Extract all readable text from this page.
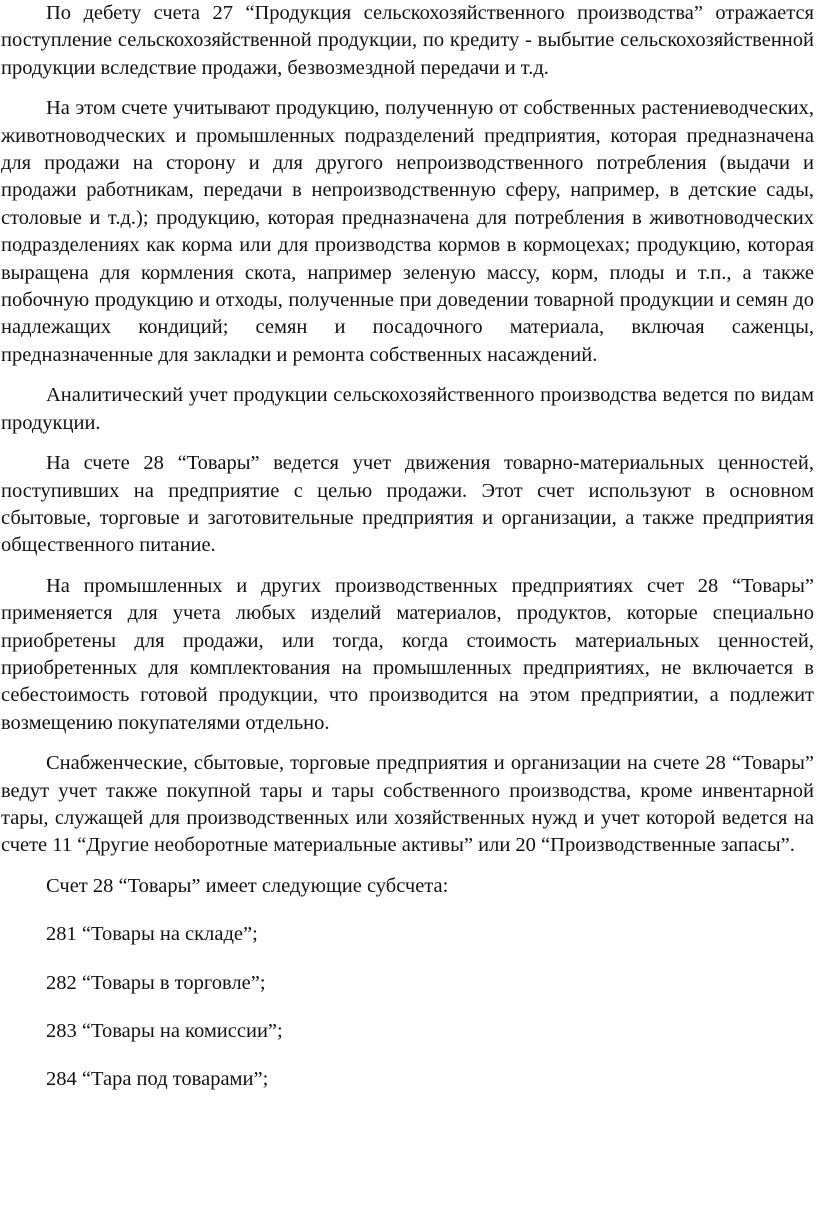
По дебету счета 27 “Продукция сельскохозяйственного производства” отражается поступление сельскохозяйственной продукции, по кредиту - выбытие сельскохозяйственной продукции вследствие продажи, безвозмездной передачи и т.д.

На этом счете учитывают продукцию, полученную от собственных растениеводческих, животноводческих и промышленных подразделений предприятия, которая предназначена для продажи на сторону и для другого непроизводственного потребления (выдачи и продажи работникам, передачи в непроизводственную сферу, например, в детские сады, столовые и т.д.); продукцию, которая предназначена для потребления в животноводческих подразделениях как корма или для производства кормов в кормоцехах; продукцию, которая выращена для кормления скота, например зеленую массу, корм, плоды и т.п., а также побочную продукцию и отходы, полученные при доведении товарной продукции и семян до надлежащих кондиций; семян и посадочного материала, включая саженцы, предназначенные для закладки и ремонта собственных насаждений.

Аналитический учет продукции сельскохозяйственного производства ведется по видам продукции.

На счете 28 “Товары” ведется учет движения товарно-материальных ценностей, поступивших на предприятие с целью продажи. Этот счет используют в основном сбытовые, торговые и заготовительные предприятия и организации, а также предприятия общественного питание.

На промышленных и других производственных предприятиях счет 28 “Товары” применяется для учета любых изделий материалов, продуктов, которые специально приобретены для продажи, или тогда, когда стоимость материальных ценностей, приобретенных для комплектования на промышленных предприятиях, не включается в себестоимость готовой продукции, что производится на этом предприятии, а подлежит возмещению покупателями отдельно.

Снабженческие, сбытовые, торговые предприятия и организации на счете 28 “Товары” ведут учет также покупной тары и тары собственного производства, кроме инвентарной тары, служащей для производственных или хозяйственных нужд и учет которой ведется на счете 11 “Другие необоротные материальные активы” или 20 “Производственные запасы”.

Счет 28 “Товары” имеет следующие субсчета:
281 “Товары на складе”;
282 “Товары в торговле”;
283 “Товары на комиссии”;
284 “Тара под товарами”;
